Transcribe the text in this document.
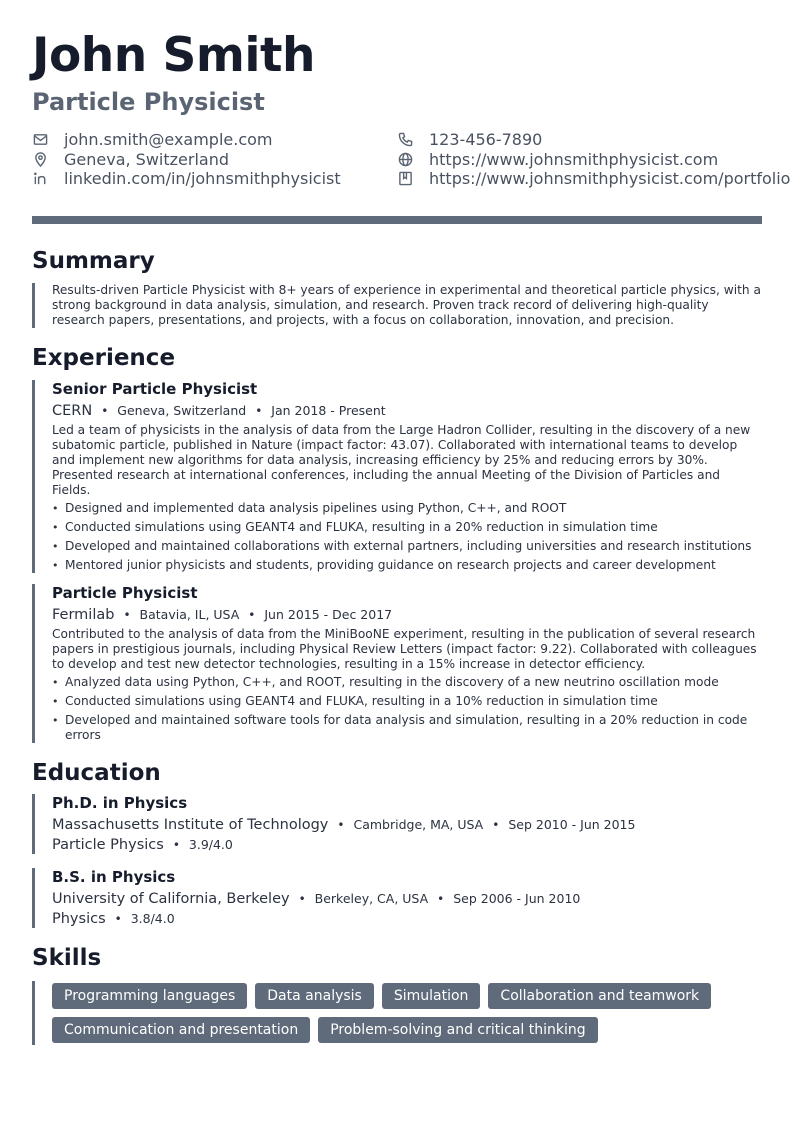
John Smith
Particle Physicist
john.smith@example.com	123-456-7890
Geneva, Switzerland	https://www.johnsmithphysicist.com
linkedin.com/in/johnsmithphysicist	https://www.johnsmithphysicist.com/portfolio
Summary
Results-driven Particle Physicist with 8+ years of experience in experimental and theoretical particle physics, with a strong background in data analysis, simulation, and research. Proven track record of delivering high-quality research papers, presentations, and projects, with a focus on collaboration, innovation, and precision.
Experience
Senior Particle Physicist
CERN • Geneva, Switzerland • Jan 2018 - Present
Led a team of physicists in the analysis of data from the Large Hadron Collider, resulting in the discovery of a new subatomic particle, published in Nature (impact factor: 43.07). Collaborated with international teams to develop and implement new algorithms for data analysis, increasing efficiency by 25% and reducing errors by 30%. Presented research at international conferences, including the annual Meeting of the Division of Particles and Fields.
• Designed and implemented data analysis pipelines using Python, C++, and ROOT
• Conducted simulations using GEANT4 and FLUKA, resulting in a 20% reduction in simulation time
• Developed and maintained collaborations with external partners, including universities and research institutions
• Mentored junior physicists and students, providing guidance on research projects and career development
Particle Physicist
Fermilab • Batavia, IL, USA • Jun 2015 - Dec 2017
Contributed to the analysis of data from the MiniBooNE experiment, resulting in the publication of several research papers in prestigious journals, including Physical Review Letters (impact factor: 9.22). Collaborated with colleagues to develop and test new detector technologies, resulting in a 15% increase in detector efficiency.
• Analyzed data using Python, C++, and ROOT, resulting in the discovery of a new neutrino oscillation mode
• Conducted simulations using GEANT4 and FLUKA, resulting in a 10% reduction in simulation time
• Developed and maintained software tools for data analysis and simulation, resulting in a 20% reduction in code errors
Education
Ph.D. in Physics
Massachusetts Institute of Technology • Cambridge, MA, USA • Sep 2010 - Jun 2015
Particle Physics • 3.9/4.0
B.S. in Physics
University of California, Berkeley • Berkeley, CA, USA • Sep 2006 - Jun 2010
Physics • 3.8/4.0
Skills
Programming languages	Data analysis	Simulation	Collaboration and teamwork
Communication and presentation	Problem-solving and critical thinking
